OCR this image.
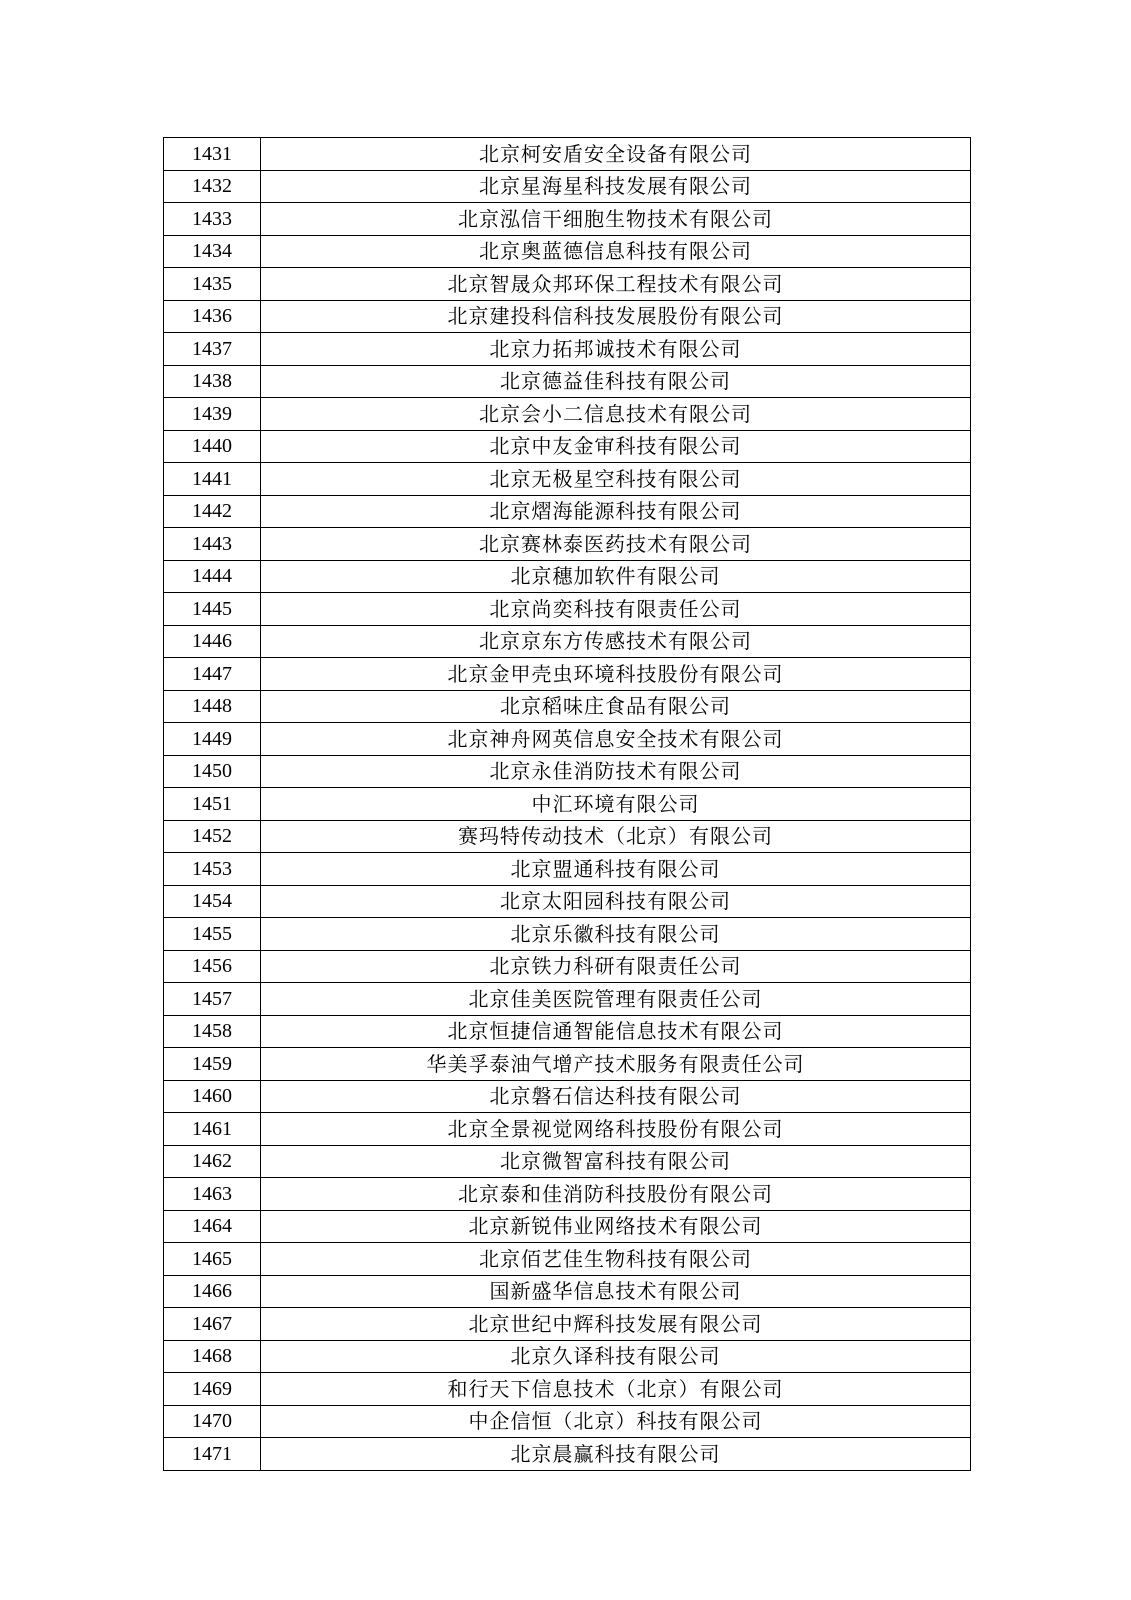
1431	北京柯安盾安全设备有限公司
1432	北京星海星科技发展有限公司
1433	北京泓信干细胞生物技术有限公司
1434	北京奥蓝德信息科技有限公司
1435	北京智晟众邦环保工程技术有限公司
1436	北京建投科信科技发展股份有限公司
1437	北京力拓邦诚技术有限公司
1438	北京德益佳科技有限公司
1439	北京会小二信息技术有限公司
1440	北京中友金审科技有限公司
1441	北京无极星空科技有限公司
1442	北京熠海能源科技有限公司
1443	北京赛林泰医药技术有限公司
1444	北京穗加软件有限公司
1445	北京尚奕科技有限责任公司
1446	北京京东方传感技术有限公司
1447	北京金甲壳虫环境科技股份有限公司
1448	北京稻味庄食品有限公司
1449	北京神舟网英信息安全技术有限公司
1450	北京永佳消防技术有限公司
1451	中汇环境有限公司
1452	赛玛特传动技术（北京）有限公司
1453	北京盟通科技有限公司
1454	北京太阳园科技有限公司
1455	北京乐徽科技有限公司
1456	北京铁力科研有限责任公司
1457	北京佳美医院管理有限责任公司
1458	北京恒捷信通智能信息技术有限公司
1459	华美孚泰油气增产技术服务有限责任公司
1460	北京磐石信达科技有限公司
1461	北京全景视觉网络科技股份有限公司
1462	北京微智富科技有限公司
1463	北京泰和佳消防科技股份有限公司
1464	北京新锐伟业网络技术有限公司
1465	北京佰艺佳生物科技有限公司
1466	国新盛华信息技术有限公司
1467	北京世纪中辉科技发展有限公司
1468	北京久译科技有限公司
1469	和行天下信息技术（北京）有限公司
1470	中企信恒（北京）科技有限公司
1471	北京晨赢科技有限公司
